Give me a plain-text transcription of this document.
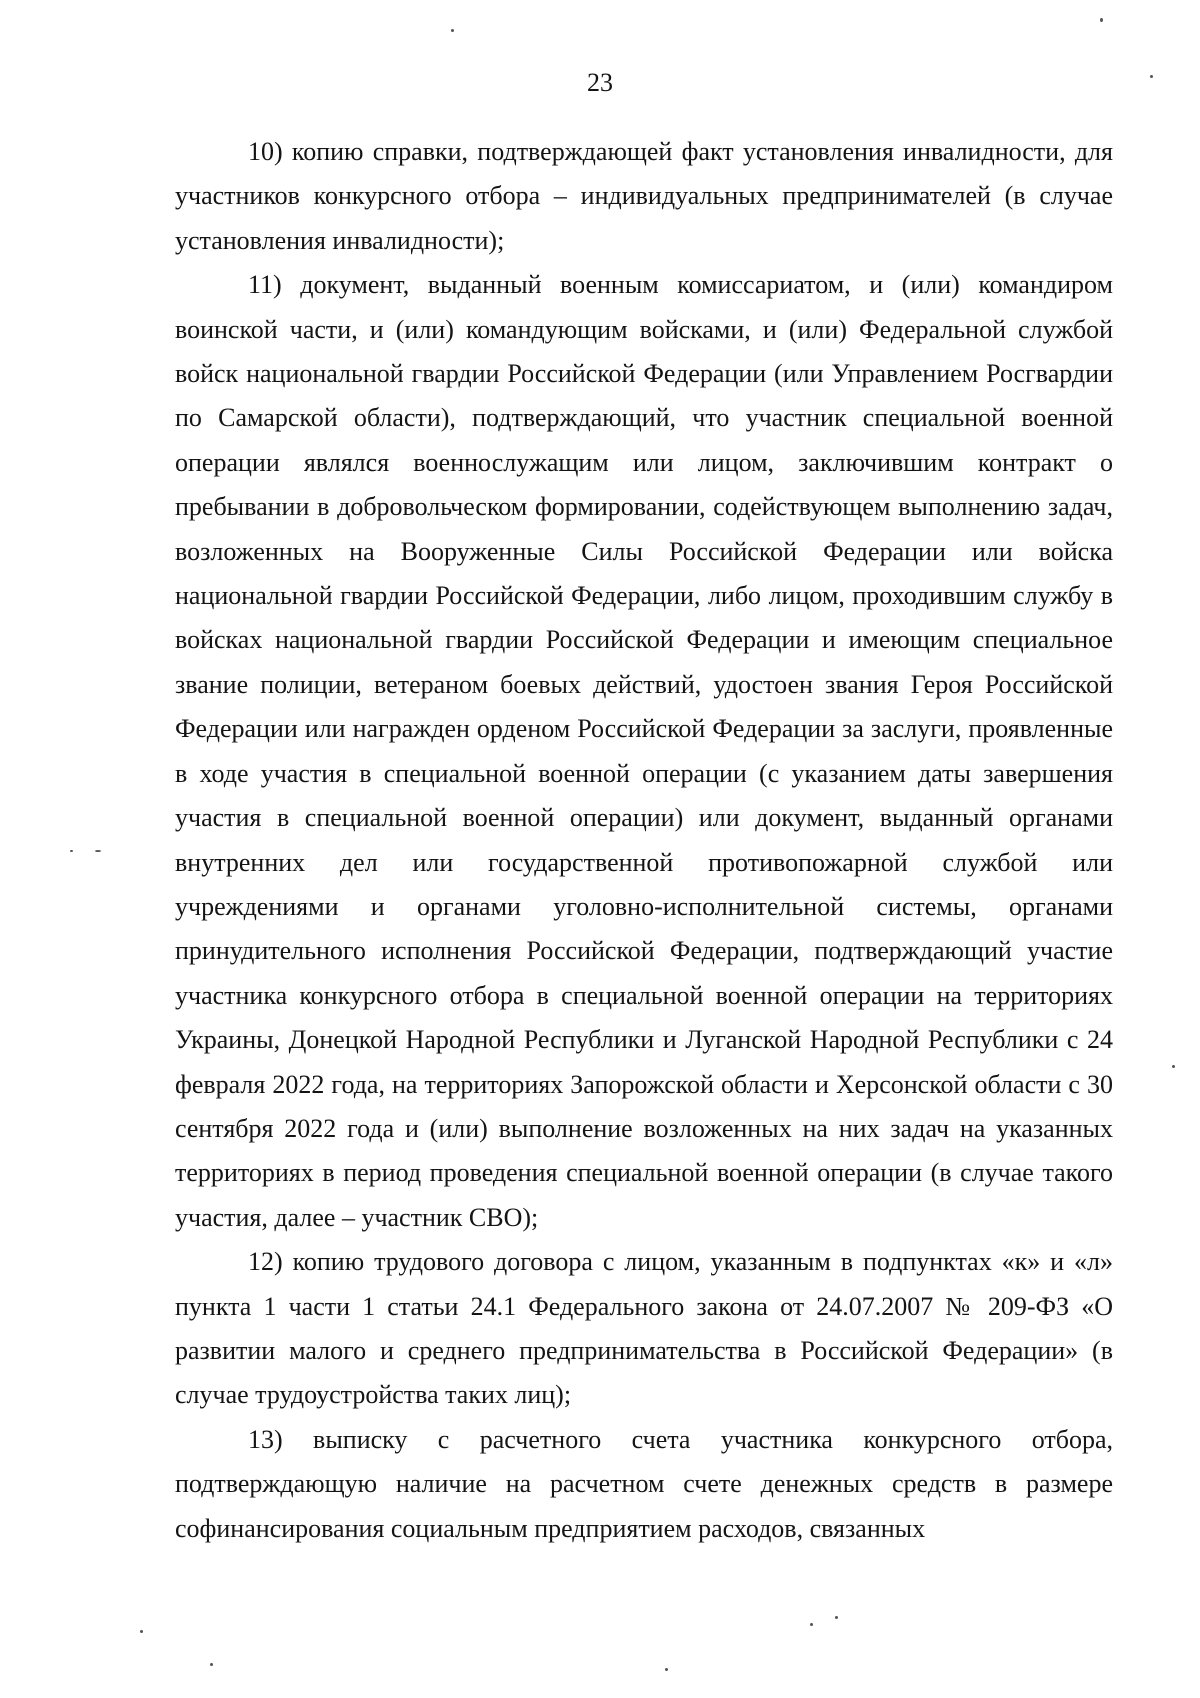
23

10) копию справки, подтверждающей факт установления инвалидности, для участников конкурсного отбора – индивидуальных предпринимателей (в случае установления инвалидности);

11) документ, выданный военным комиссариатом, и (или) командиром воинской части, и (или) командующим войсками, и (или) Федеральной службой войск национальной гвардии Российской Федерации (или Управлением Росгвардии по Самарской области), подтверждающий, что участник специальной военной операции являлся военнослужащим или лицом, заключившим контракт о пребывании в добровольческом формировании, содействующем выполнению задач, возложенных на Вооруженные Силы Российской Федерации или войска национальной гвардии Российской Федерации, либо лицом, проходившим службу в войсках национальной гвардии Российской Федерации и имеющим специальное звание полиции, ветераном боевых действий, удостоен звания Героя Российской Федерации или награжден орденом Российской Федерации за заслуги, проявленные в ходе участия в специальной военной операции (с указанием даты завершения участия в специальной военной операции) или документ, выданный органами внутренних дел или государственной противопожарной службой или учреждениями и органами уголовно-исполнительной системы, органами принудительного исполнения Российской Федерации, подтверждающий участие участника конкурсного отбора в специальной военной операции на территориях Украины, Донецкой Народной Республики и Луганской Народной Республики с 24 февраля 2022 года, на территориях Запорожской области и Херсонской области с 30 сентября 2022 года и (или) выполнение возложенных на них задач на указанных территориях в период проведения специальной военной операции (в случае такого участия, далее – участник СВО);

12) копию трудового договора с лицом, указанным в подпунктах «к» и «л» пункта 1 части 1 статьи 24.1 Федерального закона от 24.07.2007 № 209-ФЗ «О развитии малого и среднего предпринимательства в Российской Федерации» (в случае трудоустройства таких лиц);

13) выписку с расчетного счета участника конкурсного отбора, подтверждающую наличие на расчетном счете денежных средств в размере софинансирования социальным предприятием расходов, связанных
